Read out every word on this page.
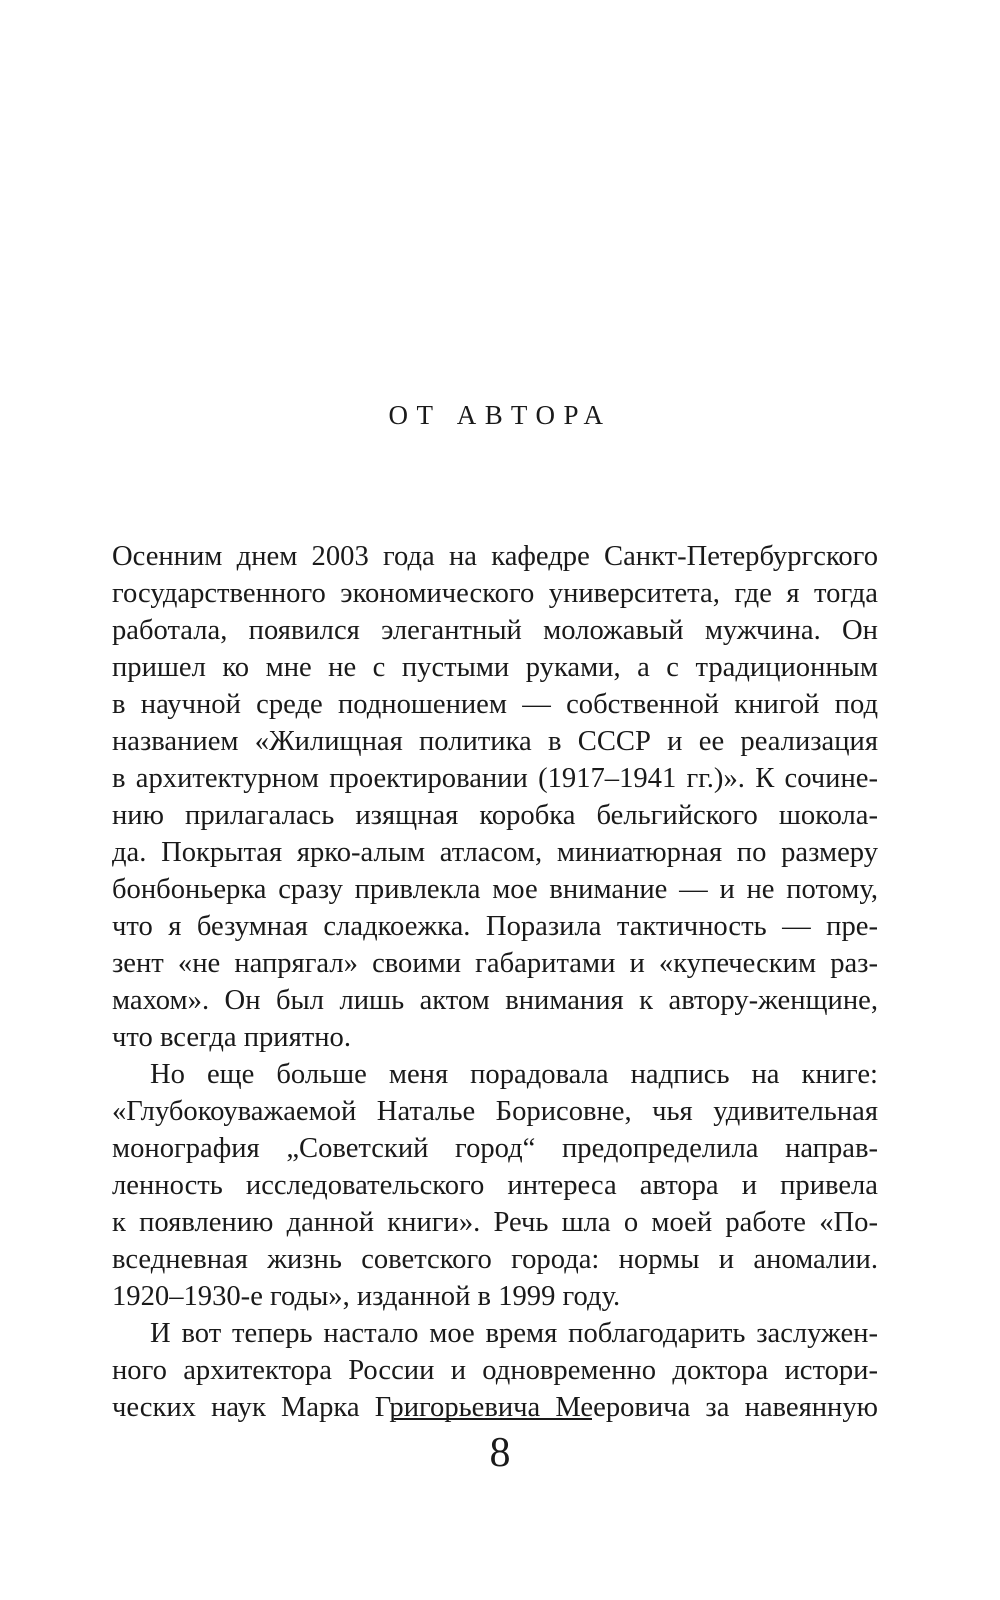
ОТ АВТОРА
Осенним днем 2003 года на кафедре Санкт-Петербургского
государственного экономического университета, где я тогда
работала, появился элегантный моложавый мужчина. Он
пришел ко мне не с пустыми руками, а с традиционным
в научной среде подношением — собственной книгой под
названием «Жилищная политика в СССР и ее реализация
в архитектурном проектировании (1917–1941 гг.)». К сочине-
нию прилагалась изящная коробка бельгийского шокола-
да. Покрытая ярко-алым атласом, миниатюрная по размеру
бонбоньерка сразу привлекла мое внимание — и не потому,
что я безумная сладкоежка. Поразила тактичность — пре-
зент «не напрягал» своими габаритами и «купеческим раз-
махом». Он был лишь актом внимания к автору-женщине,
что всегда приятно.
Но еще больше меня порадовала надпись на книге:
«Глубокоуважаемой Наталье Борисовне, чья удивительная
монография „Советский город“ предопределила направ-
ленность исследовательского интереса автора и привела
к появлению данной книги». Речь шла о моей работе «По-
вседневная жизнь советского города: нормы и аномалии.
1920–1930-е годы», изданной в 1999 году.
И вот теперь настало мое время поблагодарить заслужен-
ного архитектора России и одновременно доктора истори-
ческих наук Марка Григорьевича Мееровича за навеянную
8
